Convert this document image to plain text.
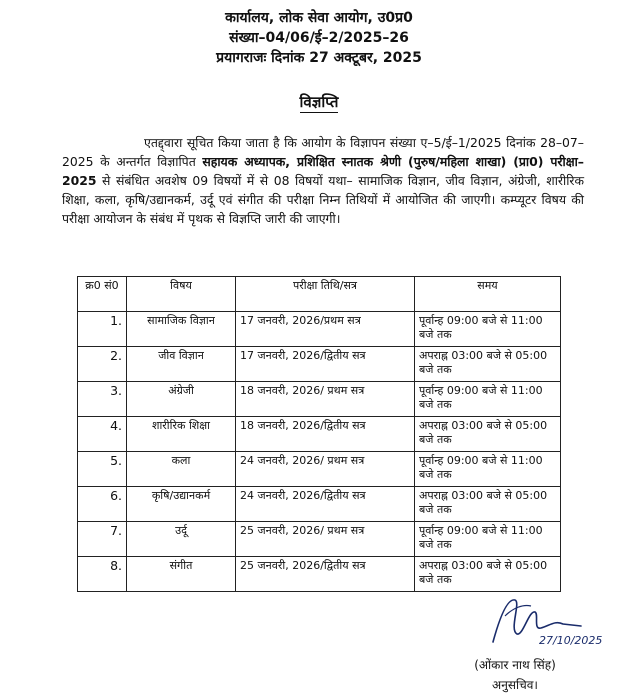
कार्यालय, लोक सेवा आयोग, उ0प्र0
संख्या–04/06/ई–2/2025–26
प्रयागराजः दिनांक 27 अक्टूबर, 2025
विज्ञप्ति
एतद्द्वारा सूचित किया जाता है कि आयोग के विज्ञापन संख्या ए–5/ई–1/2025 दिनांक 28–07–2025 के अन्तर्गत विज्ञापित सहायक अध्यापक, प्रशिक्षित स्नातक श्रेणी (पुरुष/महिला शाखा) (प्रा0) परीक्षा–2025 से संबंधित अवशेष 09 विषयों में से 08 विषयों यथा– सामाजिक विज्ञान, जीव विज्ञान, अंग्रेजी, शारीरिक शिक्षा, कला, कृषि/उद्यानकर्म, उर्दू एवं संगीत की परीक्षा निम्न तिथियों में आयोजित की जाएगी। कम्प्यूटर विषय की परीक्षा आयोजन के संबंध में पृथक से विज्ञप्ति जारी की जाएगी।
क्र0 सं0	विषय	परीक्षा तिथि/सत्र	समय
1.	सामाजिक विज्ञान	17 जनवरी, 2026/प्रथम सत्र	पूर्वान्ह 09:00 बजे से 11:00 बजे तक
2.	जीव विज्ञान	17 जनवरी, 2026/द्वितीय सत्र	अपराह्न 03:00 बजे से 05:00 बजे तक
3.	अंग्रेजी	18 जनवरी, 2026/ प्रथम सत्र	पूर्वान्ह 09:00 बजे से 11:00 बजे तक
4.	शारीरिक शिक्षा	18 जनवरी, 2026/द्वितीय सत्र	अपराह्न 03:00 बजे से 05:00 बजे तक
5.	कला	24 जनवरी, 2026/ प्रथम सत्र	पूर्वान्ह 09:00 बजे से 11:00 बजे तक
6.	कृषि/उद्यानकर्म	24 जनवरी, 2026/द्वितीय सत्र	अपराह्न 03:00 बजे से 05:00 बजे तक
7.	उर्दू	25 जनवरी, 2026/ प्रथम सत्र	पूर्वान्ह 09:00 बजे से 11:00 बजे तक
8.	संगीत	25 जनवरी, 2026/द्वितीय सत्र	अपराह्न 03:00 बजे से 05:00 बजे तक
27/10/2025
(ओंकार नाथ सिंह)
अनुसचिव।
